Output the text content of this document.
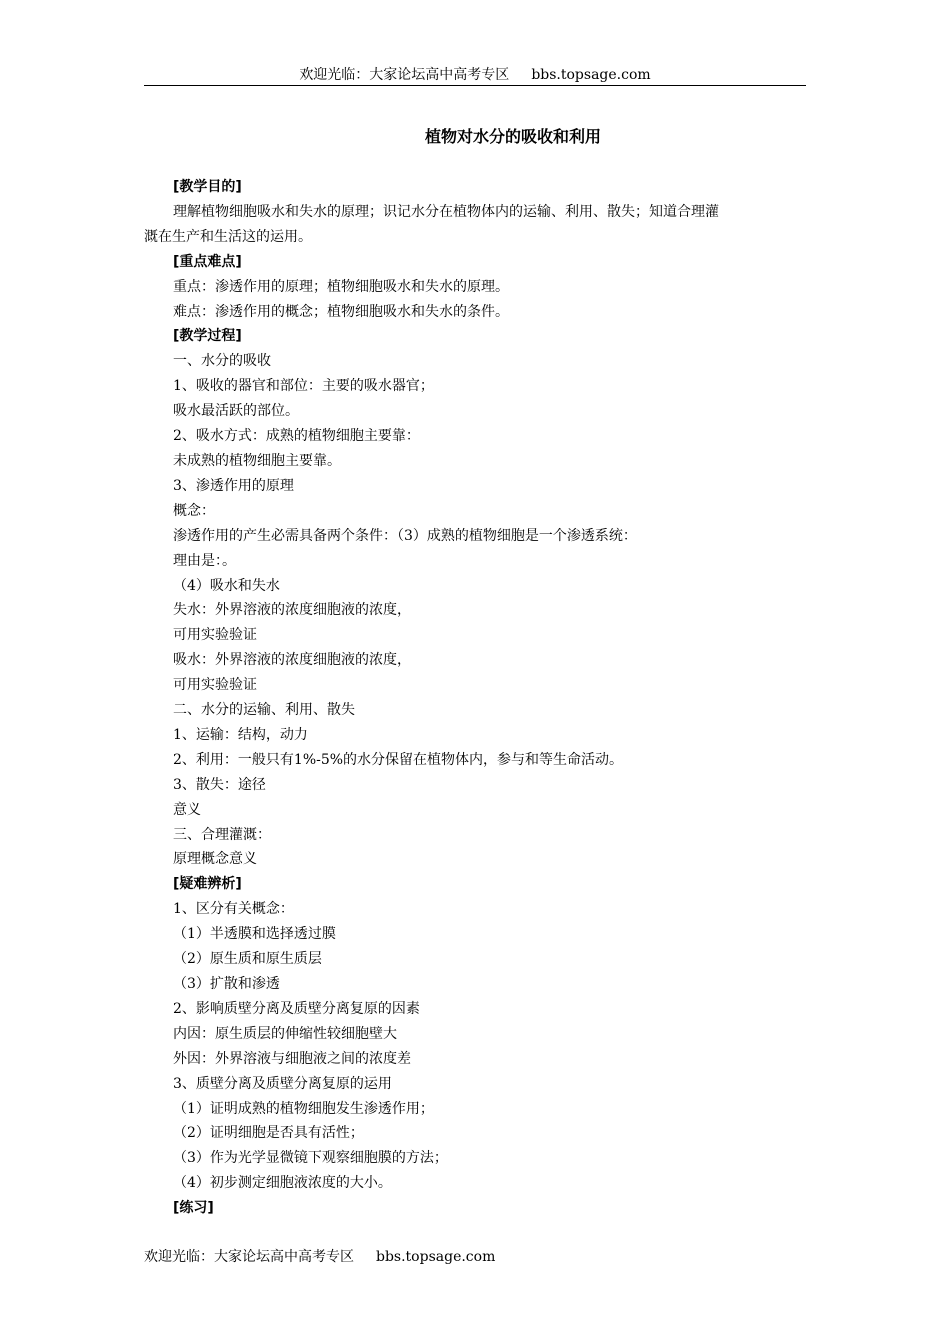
欢迎光临：大家论坛高中高考专区 bbs.topsage.com
植物对水分的吸收和利用

[教学目的]

理解植物细胞吸水和失水的原理；识记水分在植物体内的运输、利用、散失；知道合理灌

溉在生产和生活这的运用。

[重点难点]

重点：渗透作用的原理；植物细胞吸水和失水的原理。

难点：渗透作用的概念；植物细胞吸水和失水的条件。

[教学过程]

一、水分的吸收

1、吸收的器官和部位：主要的吸水器官；

吸水最活跃的部位。

2、吸水方式：成熟的植物细胞主要靠：

未成熟的植物细胞主要靠。

3、渗透作用的原理

概念：

渗透作用的产生必需具备两个条件：（3）成熟的植物细胞是一个渗透系统：

理由是：。

（4）吸水和失水

失水：外界溶液的浓度细胞液的浓度，

可用实验验证

吸水：外界溶液的浓度细胞液的浓度，

可用实验验证

二、水分的运输、利用、散失

1、运输：结构，动力

2、利用：一般只有1%-5%的水分保留在植物体内，参与和等生命活动。

3、散失：途径

意义

三、合理灌溉：

原理概念意义

[疑难辨析]

1、区分有关概念：

（1）半透膜和选择透过膜

（2）原生质和原生质层

（3）扩散和渗透

2、影响质壁分离及质壁分离复原的因素

内因：原生质层的伸缩性较细胞壁大

外因：外界溶液与细胞液之间的浓度差

3、质壁分离及质壁分离复原的运用

（1）证明成熟的植物细胞发生渗透作用；

（2）证明细胞是否具有活性；

（3）作为光学显微镜下观察细胞膜的方法；

（4）初步测定细胞液浓度的大小。

[练习]

欢迎光临：大家论坛高中高考专区 bbs.topsage.com
